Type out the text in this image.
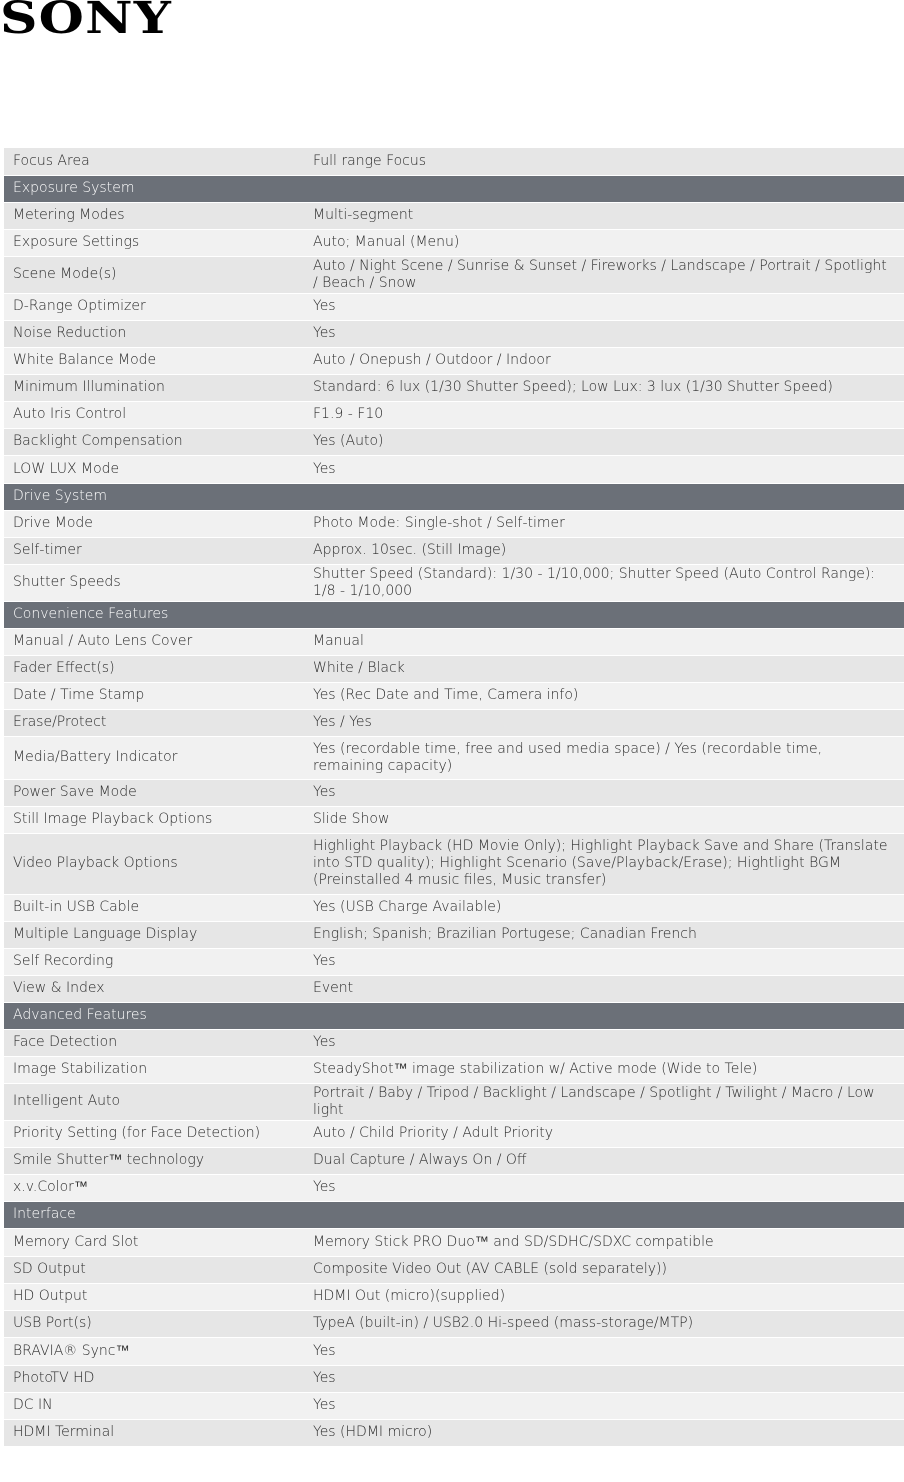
SONY
Focus Area	Full range Focus
Exposure System	
Metering Modes	Multi-segment
Exposure Settings	Auto; Manual (Menu)
Scene Mode(s)	Auto / Night Scene / Sunrise & Sunset / Fireworks / Landscape / Portrait / Spotlight / Beach / Snow
D-Range Optimizer	Yes
Noise Reduction	Yes
White Balance Mode	Auto / Onepush / Outdoor / Indoor
Minimum Illumination	Standard: 6 lux (1/30 Shutter Speed); Low Lux: 3 lux (1/30 Shutter Speed)
Auto Iris Control	F1.9 - F10
Backlight Compensation	Yes (Auto)
LOW LUX Mode	Yes
Drive System	
Drive Mode	Photo Mode: Single-shot / Self-timer
Self-timer	Approx. 10sec. (Still Image)
Shutter Speeds	Shutter Speed (Standard): 1/30 - 1/10,000; Shutter Speed (Auto Control Range): 1/8 - 1/10,000
Convenience Features	
Manual / Auto Lens Cover	Manual
Fader Effect(s)	White / Black
Date / Time Stamp	Yes (Rec Date and Time, Camera info)
Erase/Protect	Yes / Yes
Media/Battery Indicator	Yes (recordable time, free and used media space) / Yes (recordable time, remaining capacity)
Power Save Mode	Yes
Still Image Playback Options	Slide Show
Video Playback Options	Highlight Playback (HD Movie Only); Highlight Playback Save and Share (Translate into STD quality); Highlight Scenario (Save/Playback/Erase); Hightlight BGM (Preinstalled 4 music files, Music transfer)
Built-in USB Cable	Yes (USB Charge Available)
Multiple Language Display	English; Spanish; Brazilian Portugese; Canadian French
Self Recording	Yes
View & Index	Event
Advanced Features	
Face Detection	Yes
Image Stabilization	SteadyShot™ image stabilization w/ Active mode (Wide to Tele)
Intelligent Auto	Portrait / Baby / Tripod / Backlight / Landscape / Spotlight / Twilight / Macro / Low light
Priority Setting (for Face Detection)	Auto / Child Priority / Adult Priority
Smile Shutter™ technology	Dual Capture / Always On / Off
x.v.Color™	Yes
Interface	
Memory Card Slot	Memory Stick PRO Duo™ and SD/SDHC/SDXC compatible
SD Output	Composite Video Out (AV CABLE (sold separately))
HD Output	HDMI Out (micro)(supplied)
USB Port(s)	TypeA (built-in) / USB2.0 Hi-speed (mass-storage/MTP)
BRAVIA® Sync™	Yes
PhotoTV HD	Yes
DC IN	Yes
HDMI Terminal	Yes (HDMI micro)
